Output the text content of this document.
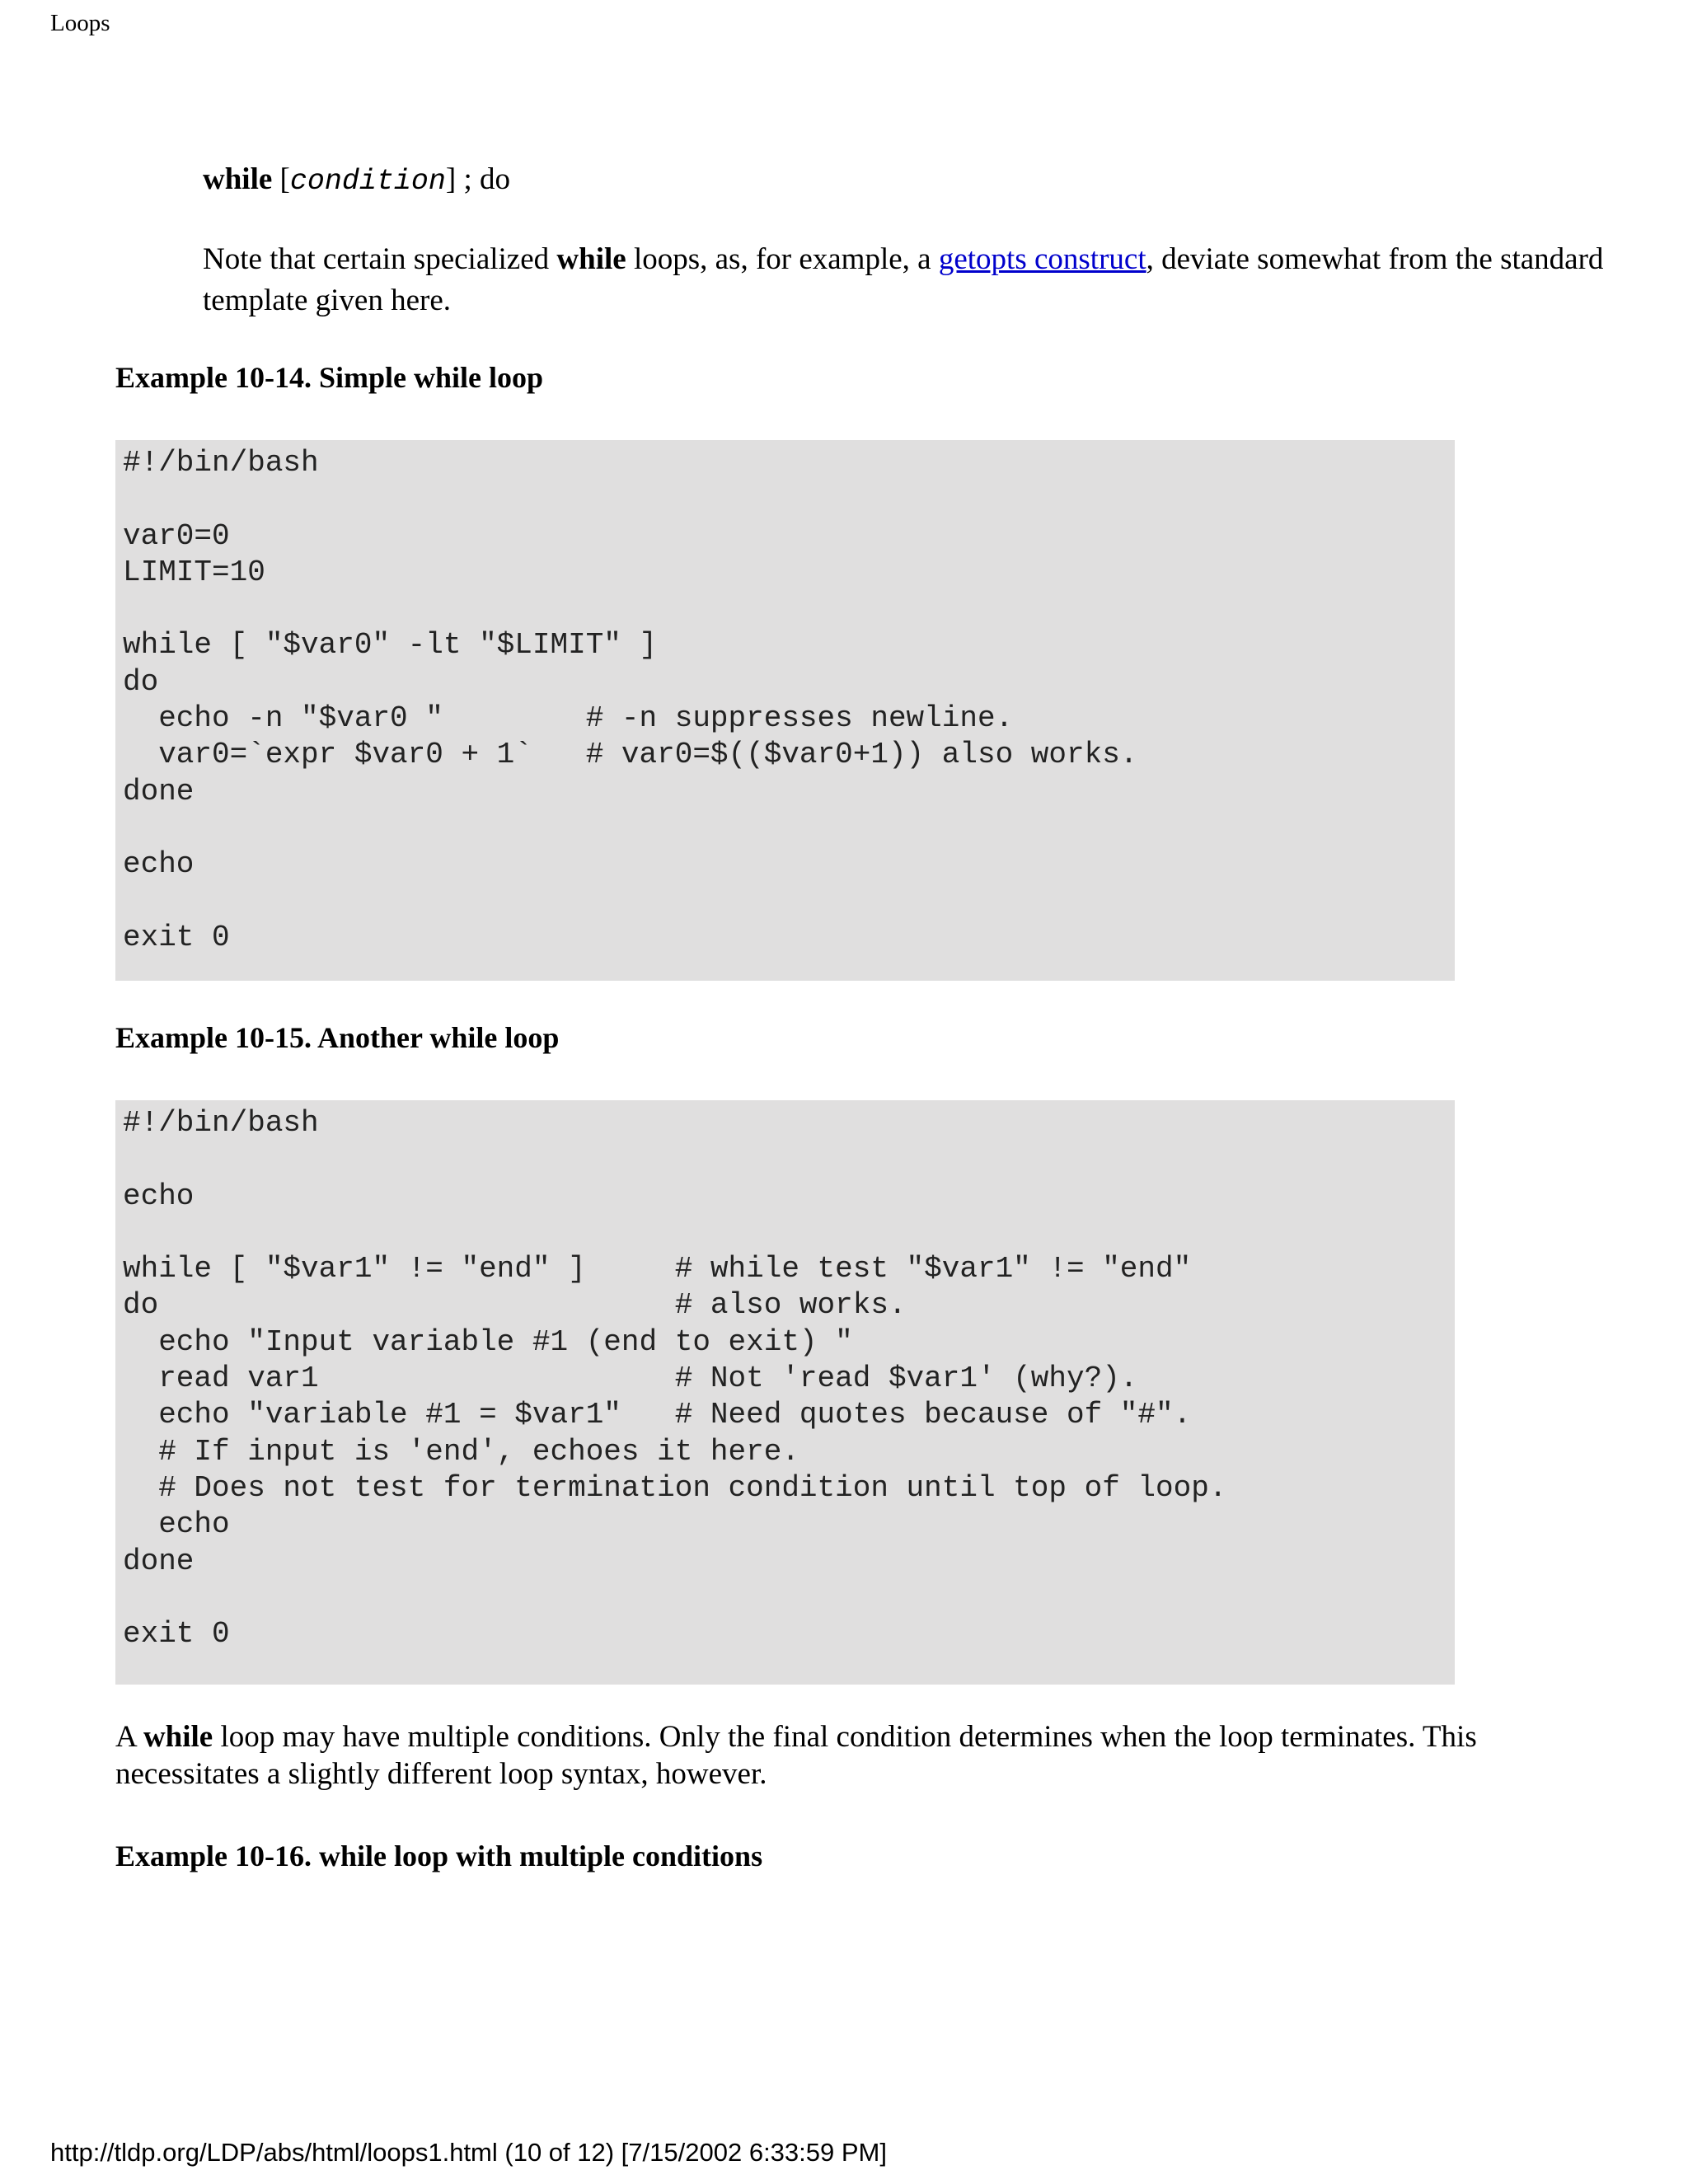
Loops
while [condition] ; do
Note that certain specialized while loops, as, for example, a getopts construct, deviate somewhat from the standard template given here.
Example 10-14. Simple while loop
#!/bin/bash

var0=0
LIMIT=10

while [ "$var0" -lt "$LIMIT" ]
do
echo -n "$var0 "        # -n suppresses newline.
var0=`expr $var0 + 1`   # var0=$(($var0+1)) also works.
done

echo

exit 0
Example 10-15. Another while loop
#!/bin/bash

echo

while [ "$var1" != "end" ]     # while test "$var1" != "end"
do                             # also works.
echo "Input variable #1 (end to exit) "
read var1                    # Not 'read $var1' (why?).
echo "variable #1 = $var1"   # Need quotes because of "#".
# If input is 'end', echoes it here.
# Does not test for termination condition until top of loop.
echo
done

exit 0
A while loop may have multiple conditions. Only the final condition determines when the loop terminates. This necessitates a slightly different loop syntax, however.
Example 10-16. while loop with multiple conditions
http://tldp.org/LDP/abs/html/loops1.html (10 of 12) [7/15/2002 6:33:59 PM]
